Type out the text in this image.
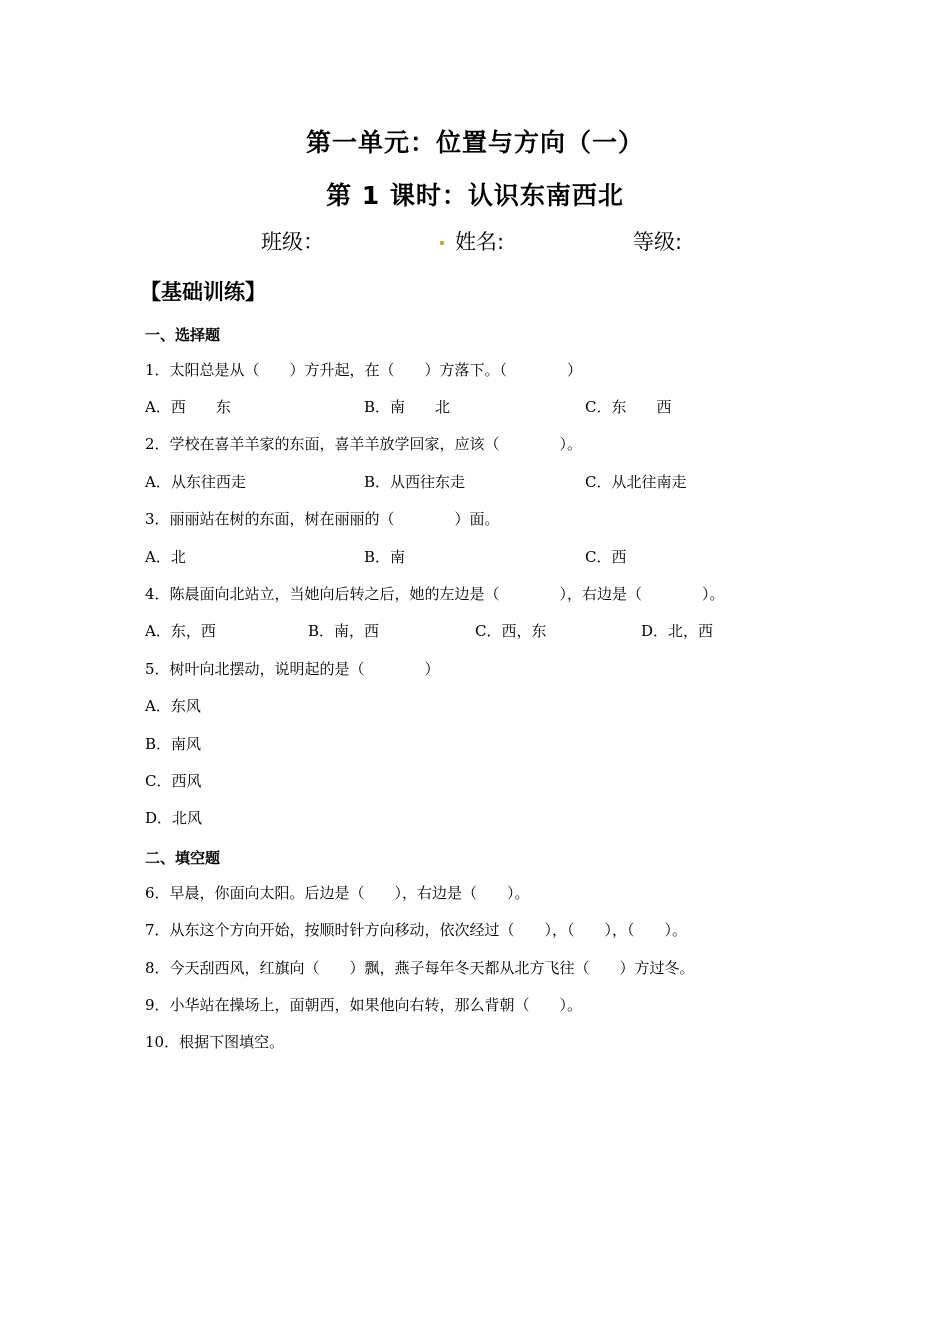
第一单元：位置与方向（一）
第 1 课时：认识东南西北
班级：	. 姓名:	等级:
【基础训练】
一、选择题
1．太阳总是从（　　）方升起，在（　　）方落下。（　　　　）
A．西　　东	B．南　　北	C．东　　西
2．学校在喜羊羊家的东面，喜羊羊放学回家，应该（　　　　）。
A．从东往西走	B．从西往东走	C．从北往南走
3．丽丽站在树的东面，树在丽丽的（　　　　）面。
A．北	B．南	C．西
4．陈晨面向北站立，当她向后转之后，她的左边是（　　　　），右边是（　　　　）。
A．东，西	B．南，西	C．西，东	D．北，西
5．树叶向北摆动，说明起的是（　　　　）
A．东风
B．南风
C．西风
D．北风
二、填空题
6．早晨，你面向太阳。后边是（　　），右边是（　　）。
7．从东这个方向开始，按顺时针方向移动，依次经过（　　），（　　），（　　）。
8．今天刮西风，红旗向（　　）飘，燕子每年冬天都从北方飞往（　　）方过冬。
9．小华站在操场上，面朝西，如果他向右转，那么背朝（　　）。
10．根据下图填空。
